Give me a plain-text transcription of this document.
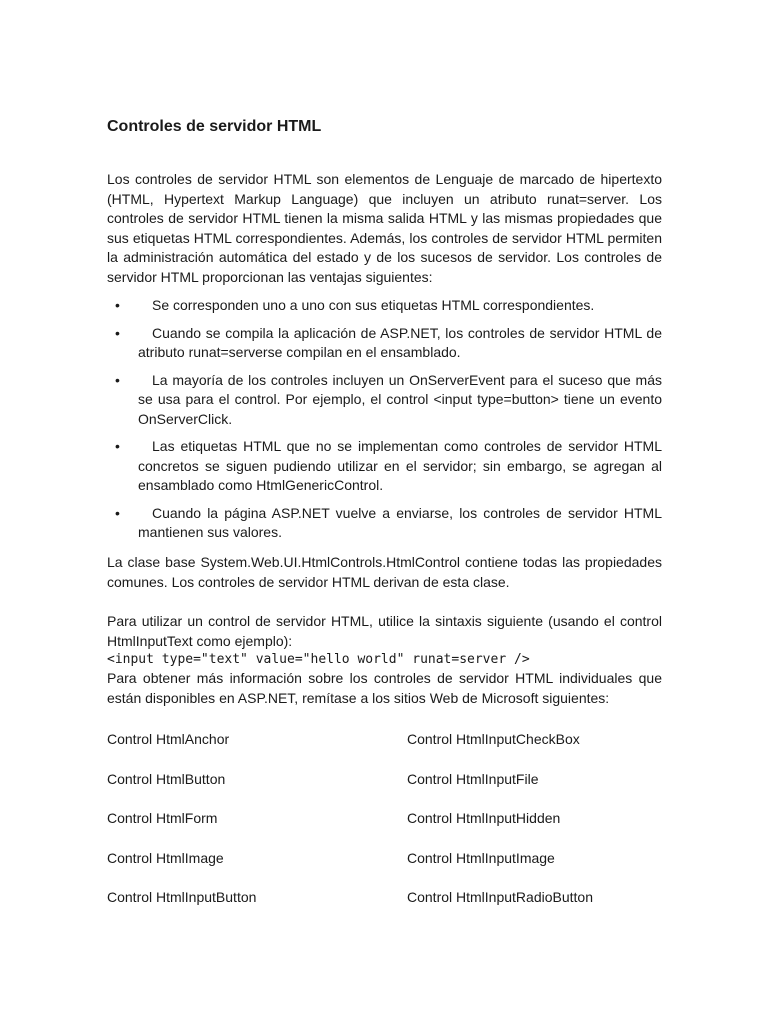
Controles de servidor HTML

Los controles de servidor HTML son elementos de Lenguaje de marcado de hipertexto (HTML, Hypertext Markup Language) que incluyen un atributo runat=server. Los controles de servidor HTML tienen la misma salida HTML y las mismas propiedades que sus etiquetas HTML correspondientes. Además, los controles de servidor HTML permiten la administración automática del estado y de los sucesos de servidor. Los controles de servidor HTML proporcionan las ventajas siguientes:

•	Se corresponden uno a uno con sus etiquetas HTML correspondientes.
•	Cuando se compila la aplicación de ASP.NET, los controles de servidor HTML de atributo runat=serverse compilan en el ensamblado.
•	La mayoría de los controles incluyen un OnServerEvent para el suceso que más se usa para el control. Por ejemplo, el control <input type=button> tiene un evento OnServerClick.
•	Las etiquetas HTML que no se implementan como controles de servidor HTML concretos se siguen pudiendo utilizar en el servidor; sin embargo, se agregan al ensamblado como HtmlGenericControl.
•	Cuando la página ASP.NET vuelve a enviarse, los controles de servidor HTML mantienen sus valores.

La clase base System.Web.UI.HtmlControls.HtmlControl contiene todas las propiedades comunes. Los controles de servidor HTML derivan de esta clase.

Para utilizar un control de servidor HTML, utilice la sintaxis siguiente (usando el control HtmlInputText como ejemplo):

<input type="text" value="hello world" runat=server />

Para obtener más información sobre los controles de servidor HTML individuales que están disponibles en ASP.NET, remítase a los sitios Web de Microsoft siguientes:

Control HtmlAnchor	Control HtmlInputCheckBox
Control HtmlButton	Control HtmlInputFile
Control HtmlForm	Control HtmlInputHidden
Control HtmlImage	Control HtmlInputImage
Control HtmlInputButton	Control HtmlInputRadioButton
